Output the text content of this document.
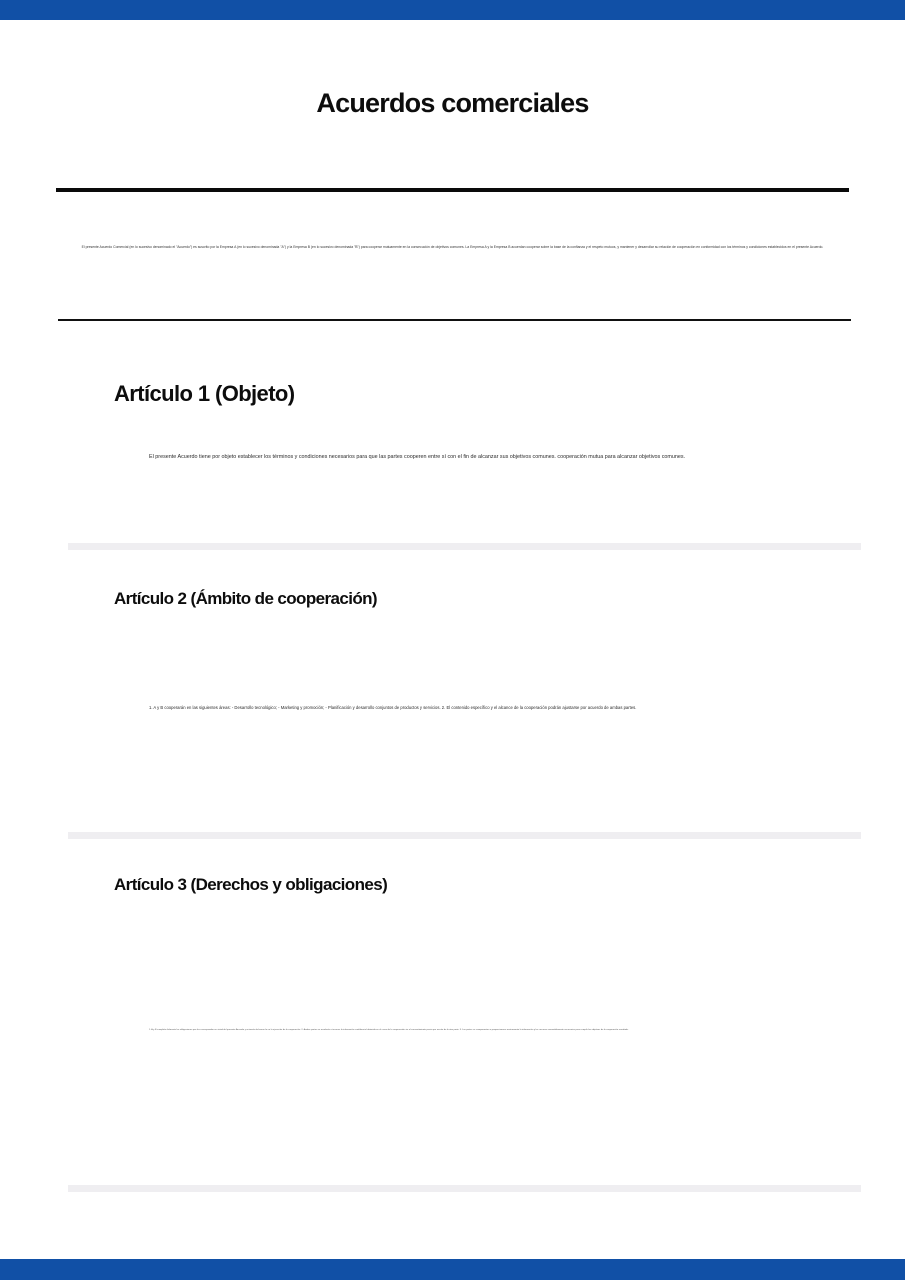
Acuerdos comerciales
El presente Acuerdo Comercial (en lo sucesivo denominado el "Acuerdo") es suscrito por la Empresa A (en lo sucesivo denominada "A") y la Empresa B (en lo sucesivo denominada "B") para cooperar mutuamente en la consecución de objetivos comunes. La Empresa A y la Empresa B acuerdan cooperar sobre la base de la confianza y el respeto mutuos, y mantener y desarrollar su relación de cooperación en conformidad con los términos y condiciones establecidos en el presente Acuerdo.
Artículo 1 (Objeto)
El presente Acuerdo tiene por objeto establecer los términos y condiciones necesarios para que las partes cooperen entre sí con el fin de alcanzar sus objetivos comunes. cooperación mutua para alcanzar objetivos comunes.
Artículo 2 (Ámbito de cooperación)
1. A y B cooperarán en las siguientes áreas: - Desarrollo tecnológico; - Marketing y promoción; - Planificación y desarrollo conjuntos de productos y servicios. 2. El contenido específico y el alcance de la cooperación podrán ajustarse por acuerdo de ambas partes.
Artículo 3 (Derechos y obligaciones)
1. A y B cumplirán fielmente las obligaciones que les correspondan en virtud del presente Acuerdo y actuarán de buena fe en la ejecución de la cooperación. 2. Ambas partes no revelarán a terceros la información confidencial obtenida en el curso de la cooperación sin el consentimiento previo por escrito de la otra parte. 3. Las partes se comprometen a proporcionarse mutuamente la información y los recursos razonablemente necesarios para cumplir los objetivos de la cooperación acordada.
